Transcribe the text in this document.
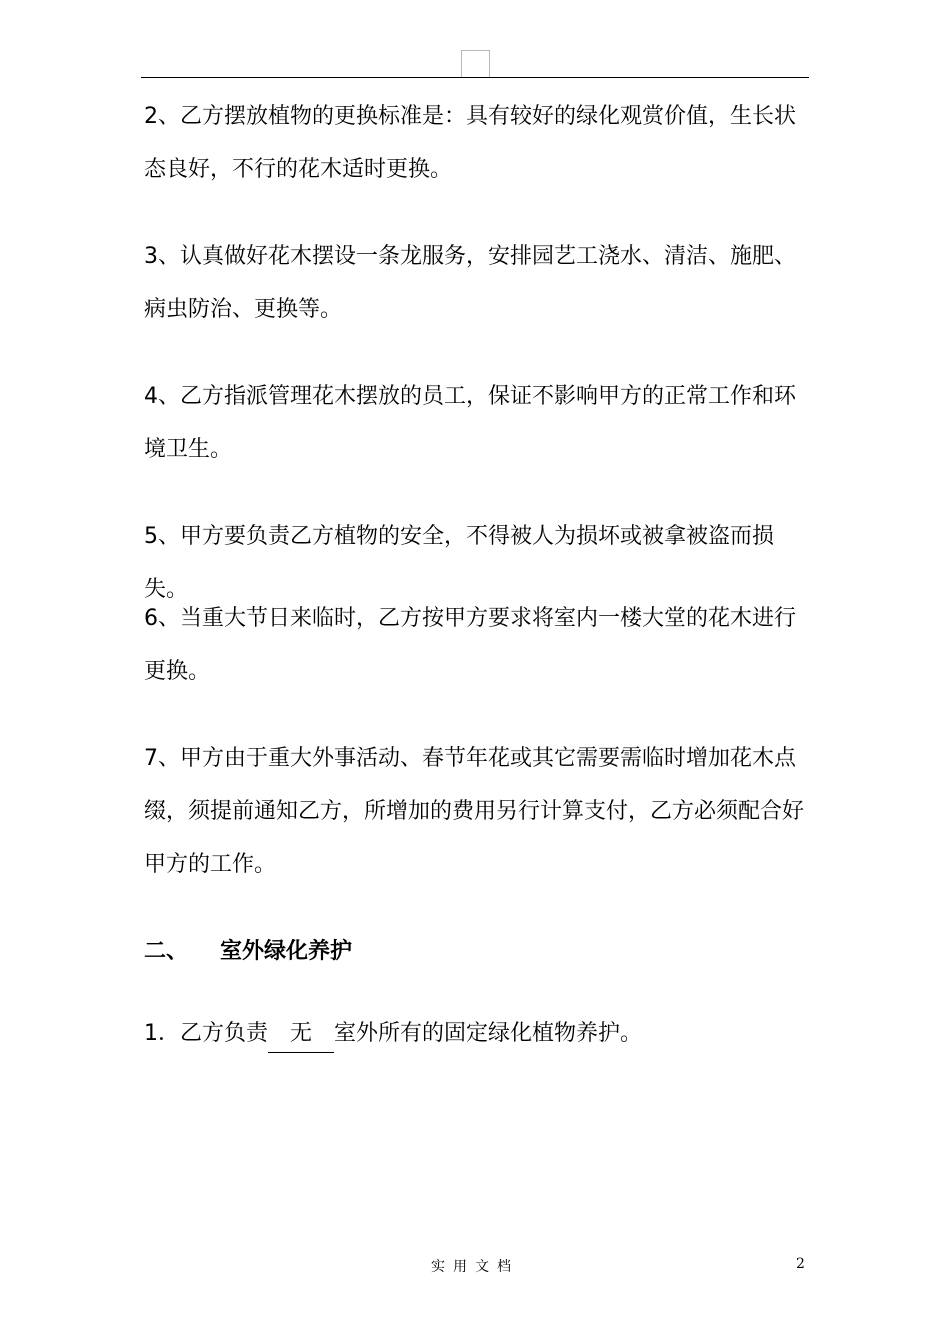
2、乙方摆放植物的更换标准是：具有较好的绿化观赏价值，生长状态良好，不行的花木适时更换。

3、认真做好花木摆设一条龙服务，安排园艺工浇水、清洁、施肥、病虫防治、更换等。

4、乙方指派管理花木摆放的员工，保证不影响甲方的正常工作和环境卫生。

5、甲方要负责乙方植物的安全，不得被人为损坏或被拿被盗而损失。

6、当重大节日来临时，乙方按甲方要求将室内一楼大堂的花木进行更换。

7、甲方由于重大外事活动、春节年花或其它需要需临时增加花木点缀，须提前通知乙方，所增加的费用另行计算支付，乙方必须配合好甲方的工作。

二、 室外绿化养护

1．乙方负责 无 室外所有的固定绿化植物养护。

实用文档	2
